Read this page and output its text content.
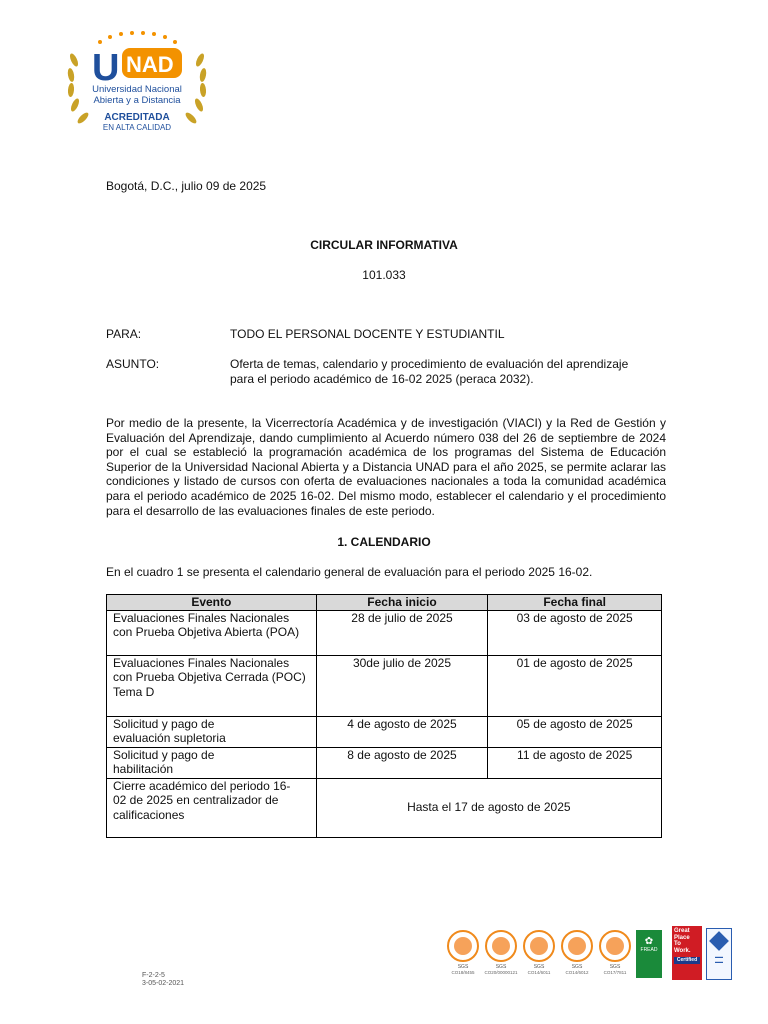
U NAD
Universidad Nacional
Abierta y a Distancia
ACREDITADA
EN ALTA CALIDAD
Bogotá, D.C., julio 09 de 2025
CIRCULAR INFORMATIVA
101.033
PARA:	TODO EL PERSONAL DOCENTE Y ESTUDIANTIL
ASUNTO:	Oferta de temas, calendario y procedimiento de evaluación del aprendizaje
para el periodo académico de 16-02 2025 (peraca 2032).
Por medio de la presente, la Vicerrectoría Académica y de investigación (VIACI) y la Red de Gestión y Evaluación del Aprendizaje, dando cumplimiento al Acuerdo número 038 del 26 de septiembre de 2024 por el cual se estableció la programación académica de los programas del Sistema de Educación Superior de la Universidad Nacional Abierta y a Distancia UNAD para el año 2025, se permite aclarar las condiciones y listado de cursos con oferta de evaluaciones nacionales a toda la comunidad académica para el periodo académico de 2025 16-02. Del mismo modo, establecer el calendario y el procedimiento para el desarrollo de las evaluaciones finales de este periodo.
1. CALENDARIO
En el cuadro 1 se presenta el calendario general de evaluación para el periodo 2025 16-02.
Evento	Fecha inicio	Fecha final

Evaluaciones Finales Nacionales
con Prueba Objetiva Abierta (POA)	28 de julio de 2025	03 de agosto de 2025

Evaluaciones Finales Nacionales
con Prueba Objetiva Cerrada (POC)
Tema D	30de julio de 2025	01 de agosto de 2025

Solicitud y pago de
evaluación supletoria	4 de agosto de 2025	05 de agosto de 2025

Solicitud y pago de
habilitación	8 de agosto de 2025	11 de agosto de 2025

Cierre académico del periodo 16-
02 de 2025 en centralizador de
calificaciones	Hasta el 17 de agosto de 2025	
SGS
CO18/8455
SGS
CO20/00000121
SGS
CO14/6011
SGS
CO14/6012
SGS
CO17/7811
✿
FREAD
Great
Place
To
Work.
Certified
▬▬
▬▬
F-2-2-5
3-05-02-2021
